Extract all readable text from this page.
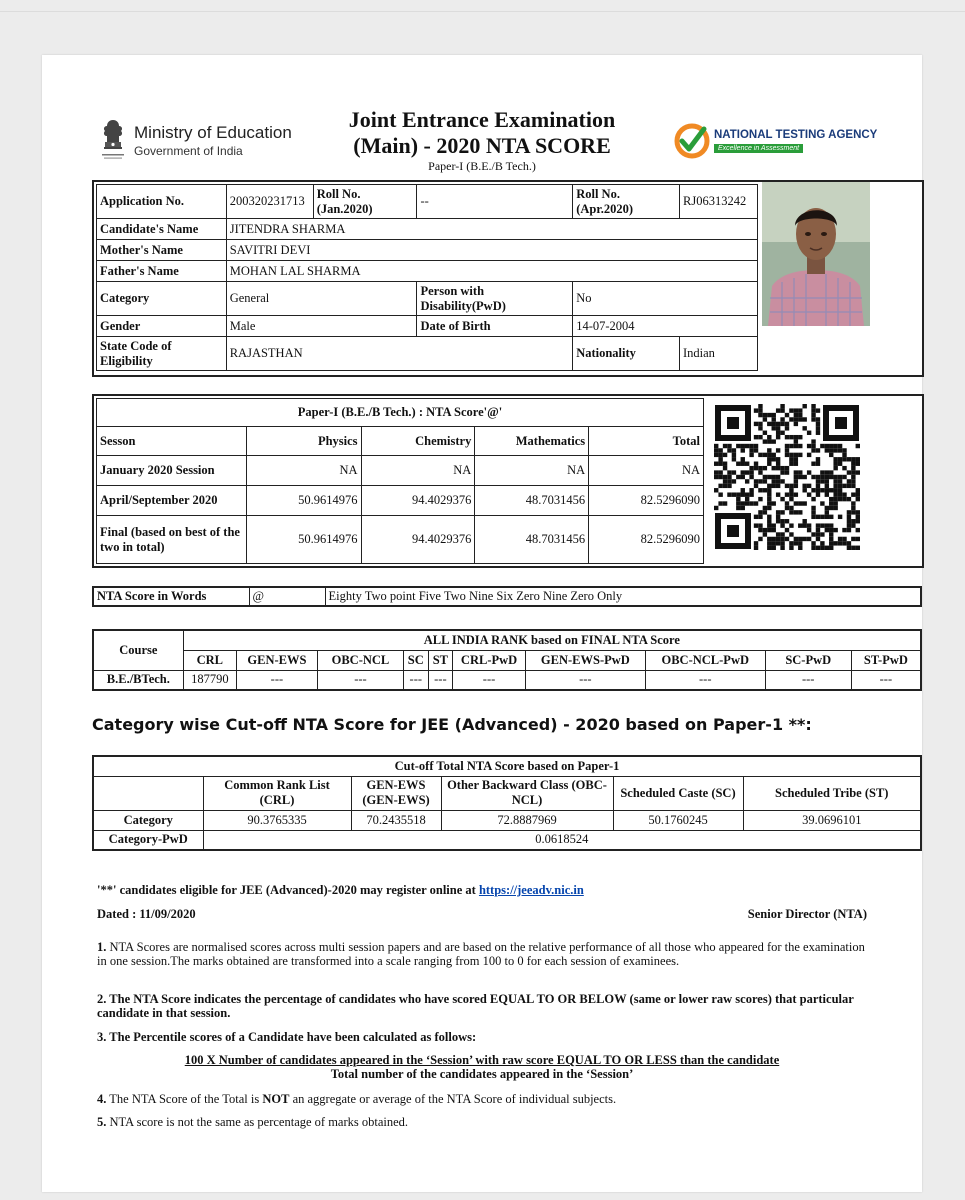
Ministry of Education
Government of India
Joint Entrance Examination
(Main) - 2020 NTA SCORE
Paper-I (B.E./B Tech.)
NATIONAL TESTING AGENCY
Excellence in Assessment
Application No.	200320231713	Roll No. (Jan.2020)	--	Roll No. (Apr.2020)	RJ06313242
Candidate's Name	JITENDRA SHARMA				
Mother's Name	SAVITRI DEVI				
Father's Name	MOHAN LAL SHARMA				
Category	General		Person with Disability(PwD)	No	
Gender	Male		Date of Birth	14-07-2004	
State Code of Eligibility	RAJASTHAN			Nationality	Indian
Paper-I (B.E./B Tech.) : NTA Score'@'				
Sesson	Physics	Chemistry	Mathematics	Total
January 2020 Session	NA	NA	NA	NA
April/September 2020	50.9614976	94.4029376	48.7031456	82.5296090
Final (based on best of the two in total)	50.9614976	94.4029376	48.7031456	82.5296090
NTA Score in Words	@	Eighty Two point Five Two Nine Six Zero Nine Zero Only
Course	ALL INDIA RANK based on FINAL NTA Score									
	CRL	GEN-EWS	OBC-NCL	SC	ST	CRL-PwD	GEN-EWS-PwD	OBC-NCL-PwD	SC-PwD	ST-PwD
B.E./BTech.	187790	---	---	---	---	---	---	---	---	---
Category wise Cut-off NTA Score for JEE (Advanced) - 2020 based on Paper-1 **:
Cut-off Total NTA Score based on Paper-1					
	Common Rank List (CRL)	GEN-EWS (GEN-EWS)	Other Backward Class (OBC-NCL)	Scheduled Caste (SC)	Scheduled Tribe (ST)
Category	90.3765335	70.2435518	72.8887969	50.1760245	39.0696101
Category-PwD	0.0618524				
'**' candidates eligible for JEE (Advanced)-2020 may register online at https://jeeadv.nic.in
Dated : 11/09/2020	Senior Director (NTA)
1. NTA Scores are normalised scores across multi session papers and are based on the relative performance of all those who appeared for the examination in one session.The marks obtained are transformed into a scale ranging from 100 to 0 for each session of examinees.
2. The NTA Score indicates the percentage of candidates who have scored EQUAL TO OR BELOW (same or lower raw scores) that particular candidate in that session.
3. The Percentile scores of a Candidate have been calculated as follows:
100 X Number of candidates appeared in the ‘Session’ with raw score EQUAL TO OR LESS than the candidate
Total number of the candidates appeared in the ‘Session’
4. The NTA Score of the Total is NOT an aggregate or average of the NTA Score of individual subjects.
5. NTA score is not the same as percentage of marks obtained.
